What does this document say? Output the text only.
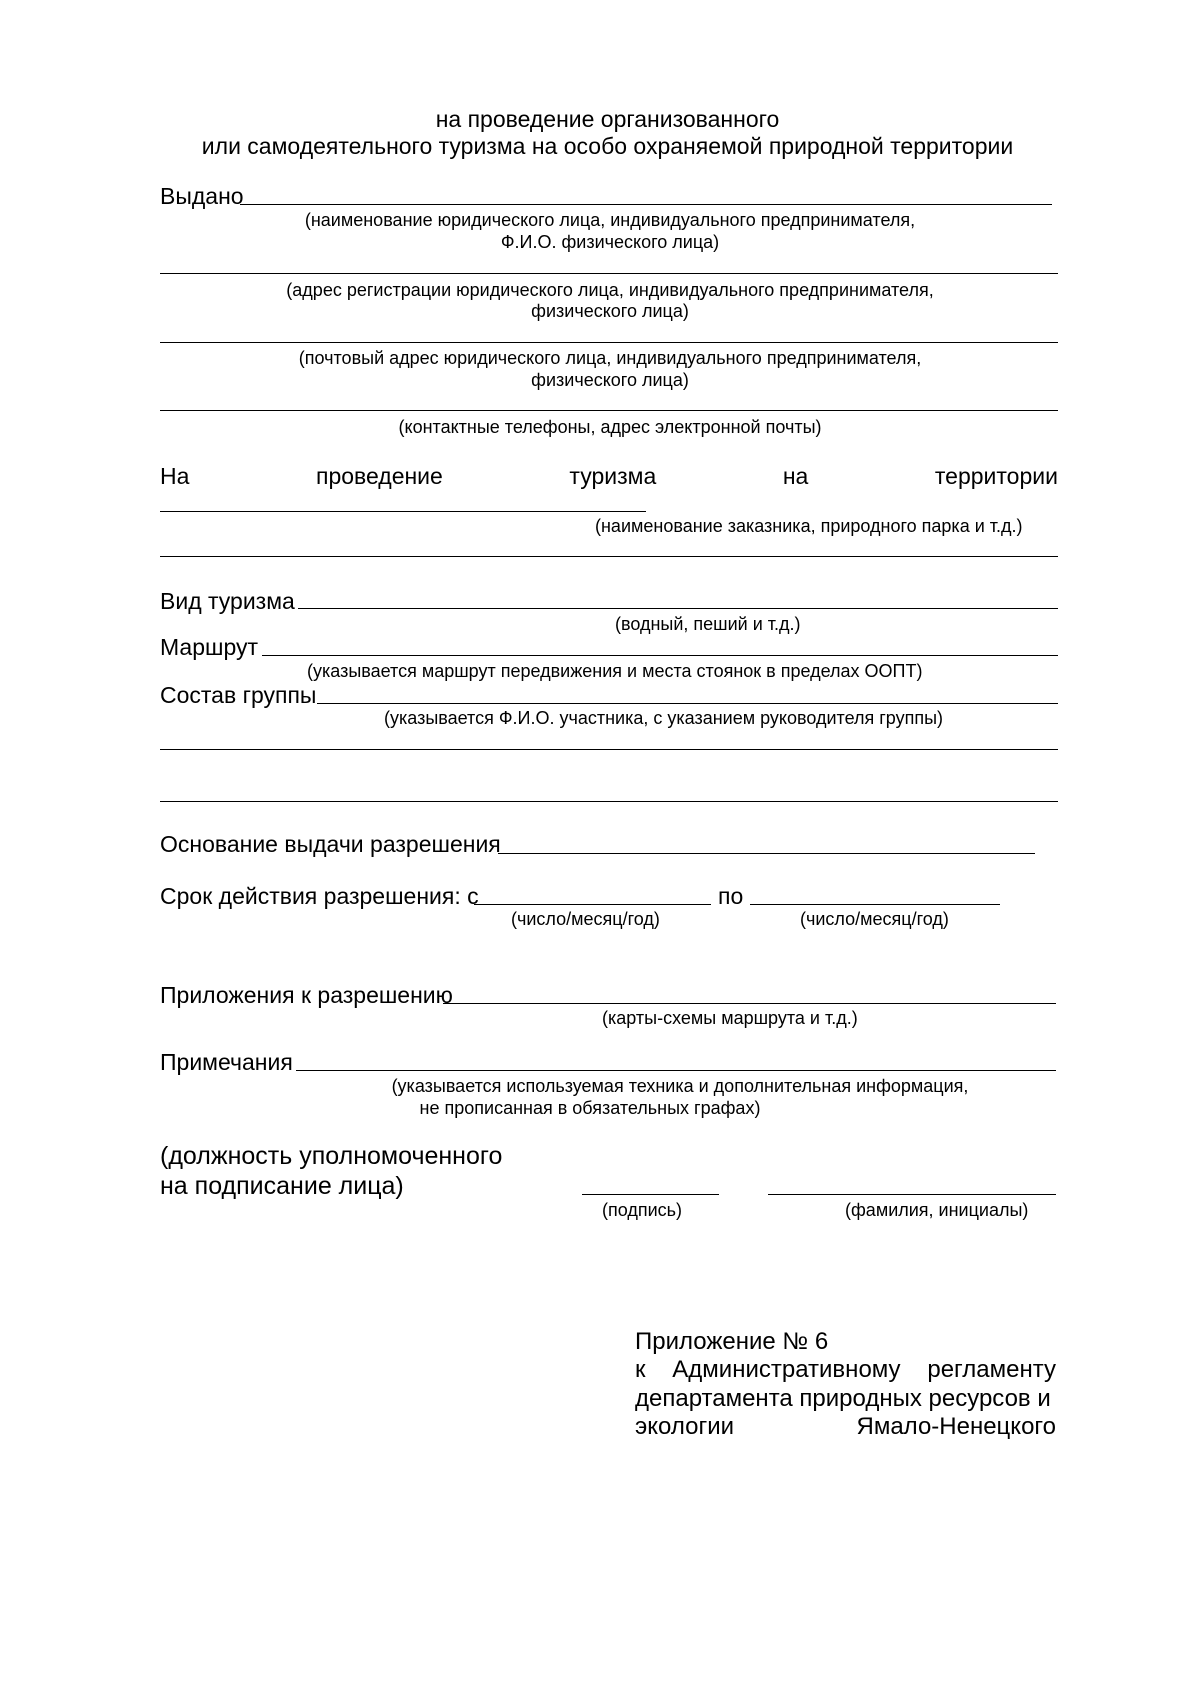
на проведение организованного
или самодеятельного туризма на особо охраняемой природной территории
Выдано
(наименование юридического лица, индивидуального предпринимателя,
Ф.И.О. физического лица)
(адрес регистрации юридического лица, индивидуального предпринимателя,
физического лица)
(почтовый адрес юридического лица, индивидуального предпринимателя,
физического лица)
(контактные телефоны, адрес электронной почты)
На	проведение	туризма	на	территории
(наименование заказника, природного парка и т.д.)
Вид туризма
(водный, пеший и т.д.)
Маршрут
(указывается маршрут передвижения и места стоянок в пределах ООПТ)
Состав группы
(указывается Ф.И.О. участника, с указанием руководителя группы)
Основание выдачи разрешения
Срок действия разрешения: с	по
(число/месяц/год)	(число/месяц/год)
Приложения к разрешению
(карты-схемы маршрута и т.д.)
Примечания
(указывается используемая техника и дополнительная информация,
не прописанная в обязательных графах)
(должность уполномоченного
на подписание лица)
(подпись)	(фамилия, инициалы)
Приложение № 6
к Административному регламенту
департамента природных ресурсов и
экологии	Ямало-Ненецкого
